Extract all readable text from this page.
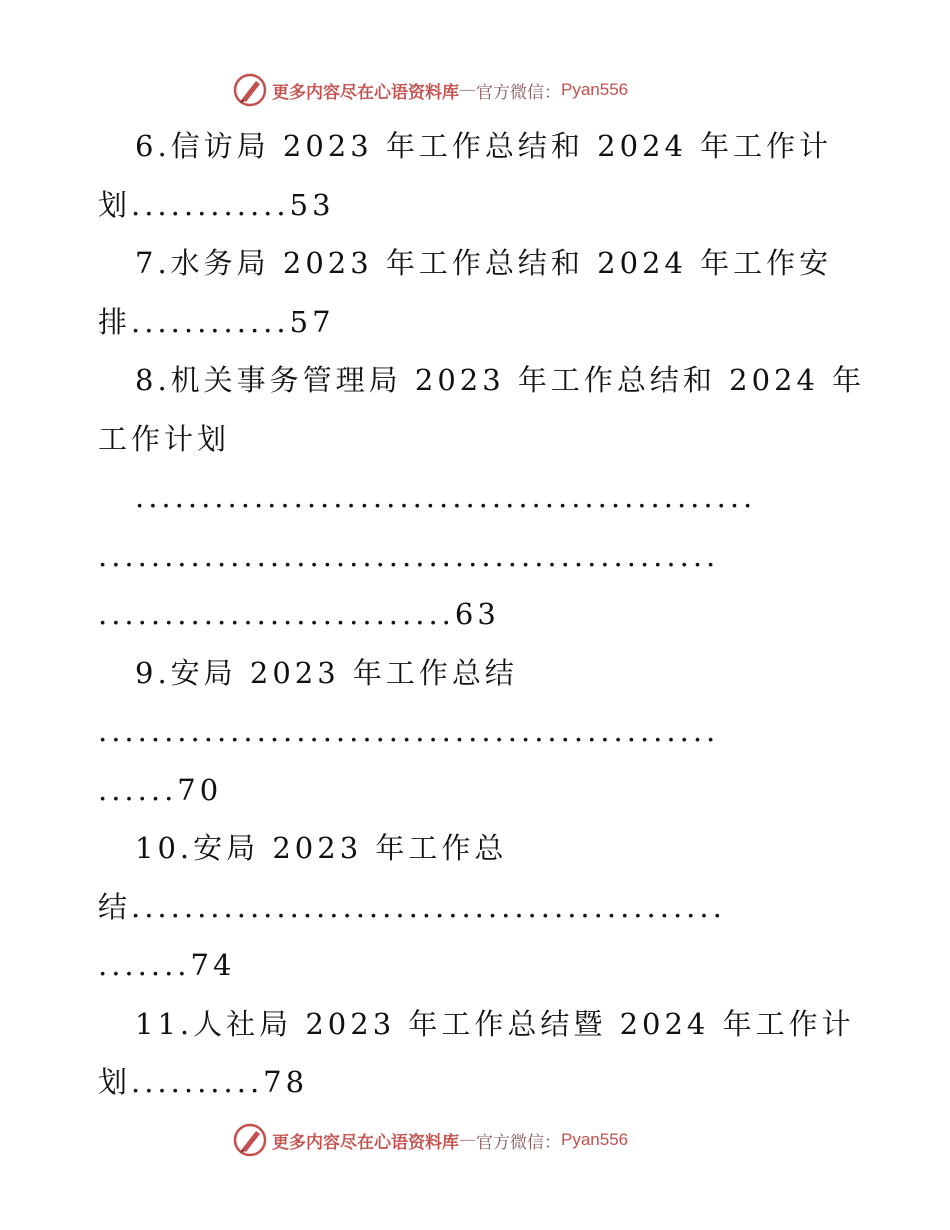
更多内容尽在心语资料库 — 官方微信： Pyan556
6.信访局 2023 年工作总结和 2024 年工作计
划............53
7.水务局 2023 年工作总结和 2024 年工作安
排............57
8.机关事务管理局 2023 年工作总结和 2024 年
工作计划
...............................................
...............................................
...........................63
9.安局 2023 年工作总结
...............................................
......70
10.安局 2023 年工作总
结.............................................
.......74
11.人社局 2023 年工作总结暨 2024 年工作计
划..........78
更多内容尽在心语资料库 — 官方微信： Pyan556
